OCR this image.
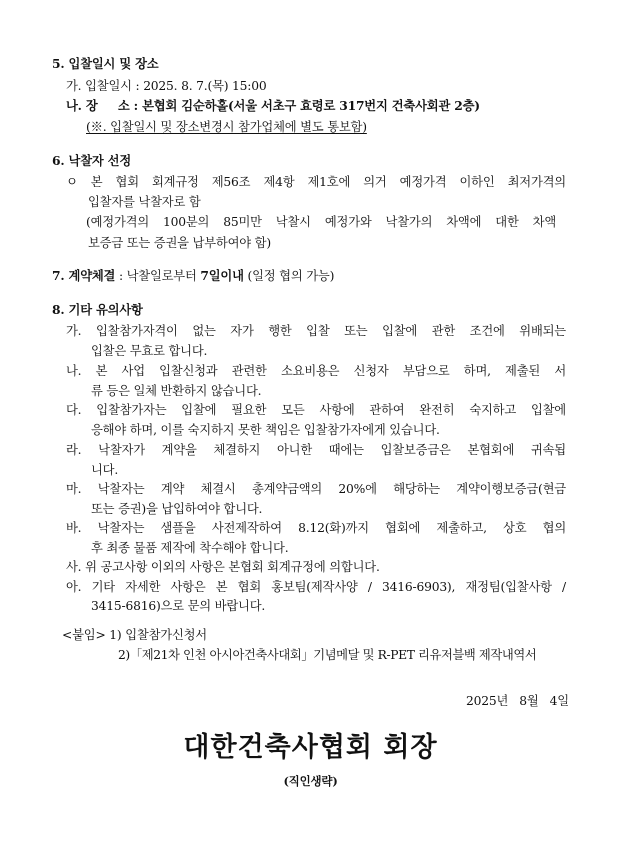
5. 입찰일시 및 장소
가. 입찰일시 : 2025. 8. 7.(목) 15:00
나. 장     소 : 본협회 김순하홀(서울 서초구 효령로 317번지 건축사회관 2층)
(※. 입찰일시 및 장소변경시 참가업체에 별도 통보함)
6. 낙찰자 선정
ㅇ 본 협회 회계규정 제56조 제4항 제1호에 의거 예정가격 이하인 최저가격의
입찰자를 낙찰자로 함
(예정가격의 100분의 85미만 낙찰시 예정가와 낙찰가의 차액에 대한 차액
보증금 또는 증권을 납부하여야 함)
7. 계약체결 : 낙찰일로부터 7일이내 (일정 협의 가능)
8. 기타 유의사항
가. 입찰참가자격이 없는 자가 행한 입찰 또는 입찰에 관한 조건에 위배되는
입찰은 무효로 합니다.
나. 본 사업 입찰신청과 관련한 소요비용은 신청자 부담으로 하며, 제출된 서
류 등은 일체 반환하지 않습니다.
다. 입찰참가자는 입찰에 필요한 모든 사항에 관하여 완전히 숙지하고 입찰에
응해야 하며, 이를 숙지하지 못한 책임은 입찰참가자에게 있습니다.
라. 낙찰자가 계약을 체결하지 아니한 때에는 입찰보증금은 본협회에 귀속됩
니다.
마. 낙찰자는 계약 체결시 총계약금액의 20%에 해당하는 계약이행보증금(현금
또는 증권)을 납입하여야 합니다.
바. 낙찰자는 샘플을 사전제작하여 8.12(화)까지 협회에 제출하고, 상호 협의
후 최종 물품 제작에 착수해야 합니다.
사. 위 공고사항 이외의 사항은 본협회 회계규정에 의합니다.
아. 기타 자세한 사항은 본 협회 홍보팀(제작사양 / 3416-6903), 재정팀(입찰사항 /
3415-6816)으로 문의 바랍니다.
<붙임> 1) 입찰참가신청서
2)「제21차 인천 아시아건축사대회」기념메달 및 R-PET 리유저블백 제작내역서
2025년   8월   4일
대한건축사협회 회장
(직인생략)
